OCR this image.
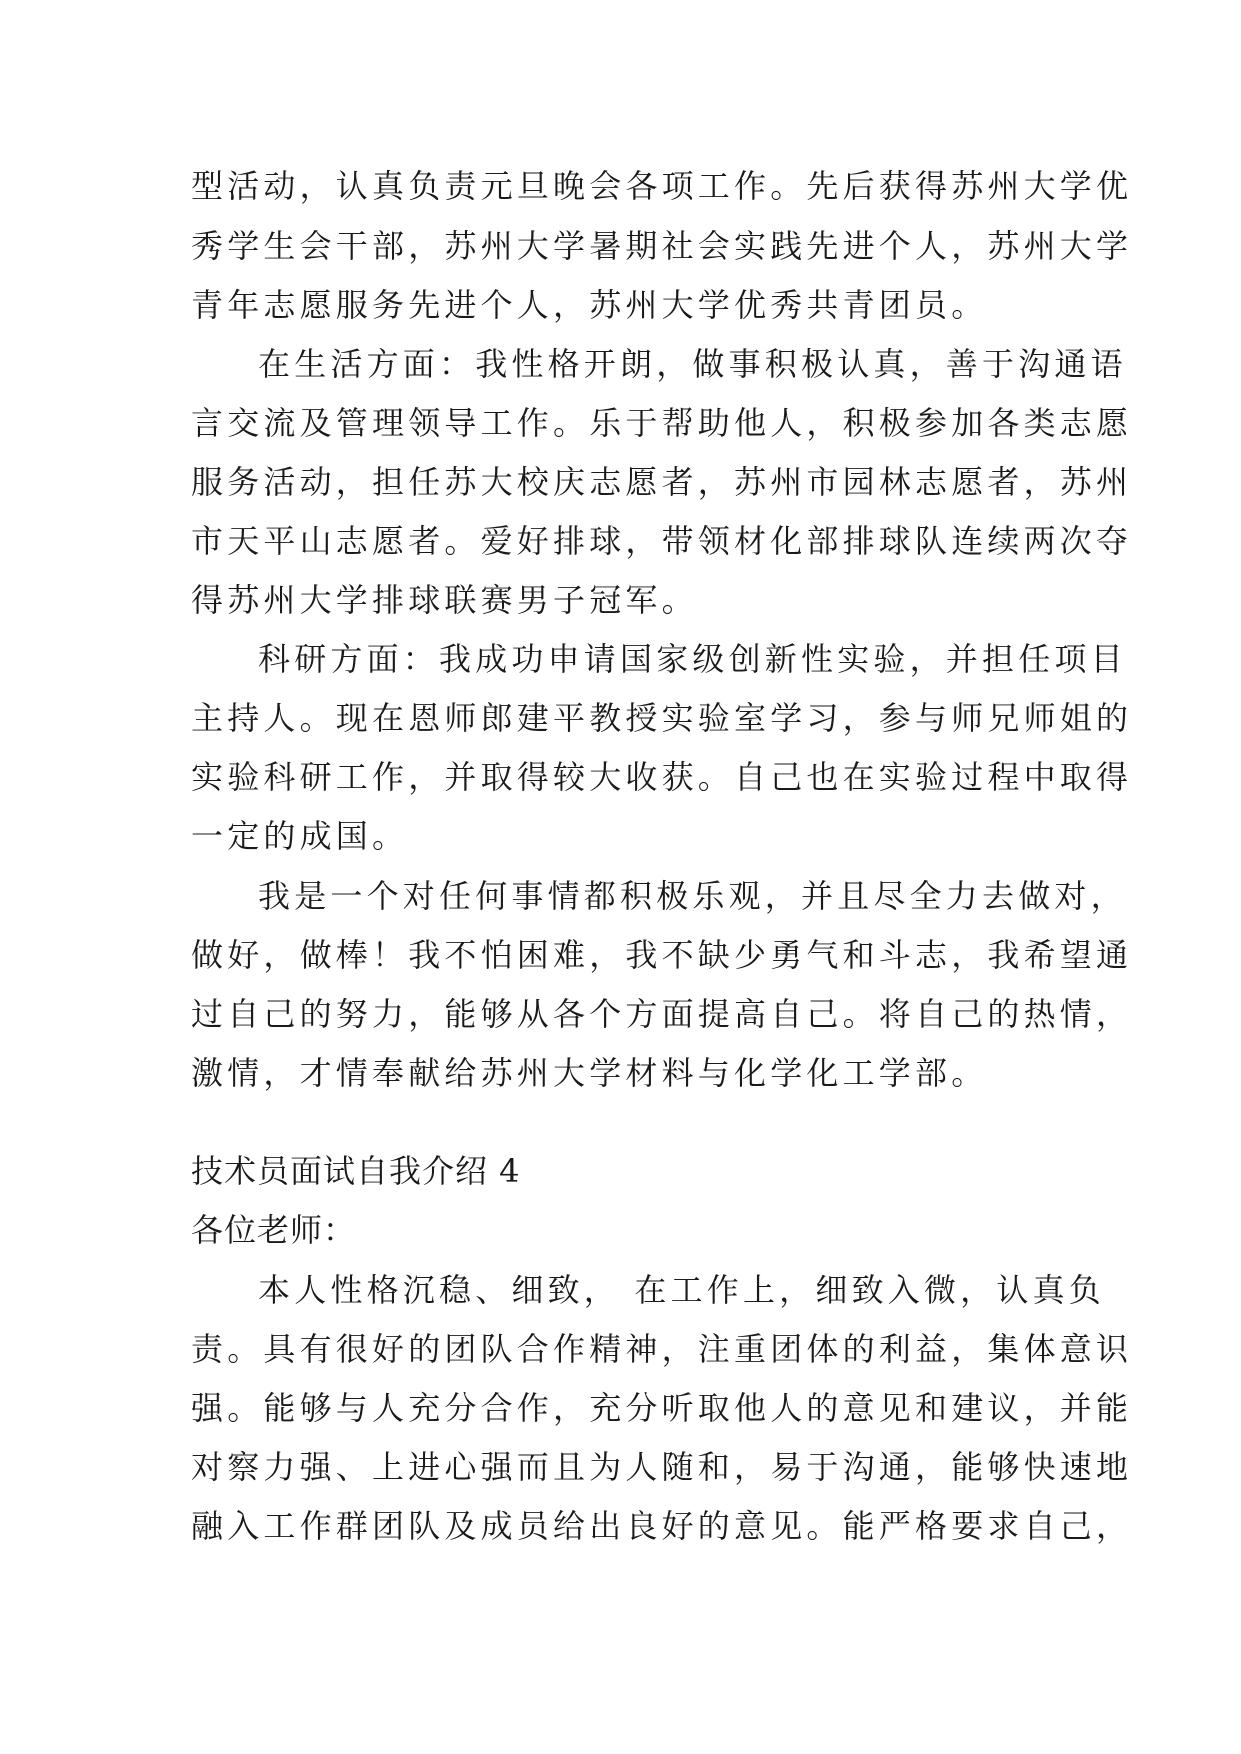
型活动，认真负责元旦晚会各项工作。先后获得苏州大学优
秀学生会干部，苏州大学暑期社会实践先进个人，苏州大学
青年志愿服务先进个人，苏州大学优秀共青团员。
在生活方面：我性格开朗，做事积极认真，善于沟通语
言交流及管理领导工作。乐于帮助他人，积极参加各类志愿
服务活动，担任苏大校庆志愿者，苏州市园林志愿者，苏州
市天平山志愿者。爱好排球，带领材化部排球队连续两次夺
得苏州大学排球联赛男子冠军。
科研方面：我成功申请国家级创新性实验，并担任项目
主持人。现在恩师郎建平教授实验室学习，参与师兄师姐的
实验科研工作，并取得较大收获。自己也在实验过程中取得
一定的成国。
我是一个对任何事情都积极乐观，并且尽全力去做对，
做好，做棒！我不怕困难，我不缺少勇气和斗志，我希望通
过自己的努力，能够从各个方面提高自己。将自己的热情，
激情，才情奉献给苏州大学材料与化学化工学部。
技术员面试自我介绍 4
各位老师：
本人性格沉稳、细致， 在工作上，细致入微，认真负
责。具有很好的团队合作精神，注重团体的利益，集体意识
强。能够与人充分合作，充分听取他人的意见和建议，并能
对察力强、上进心强而且为人随和，易于沟通，能够快速地
融入工作群团队及成员给出良好的意见。能严格要求自己，
